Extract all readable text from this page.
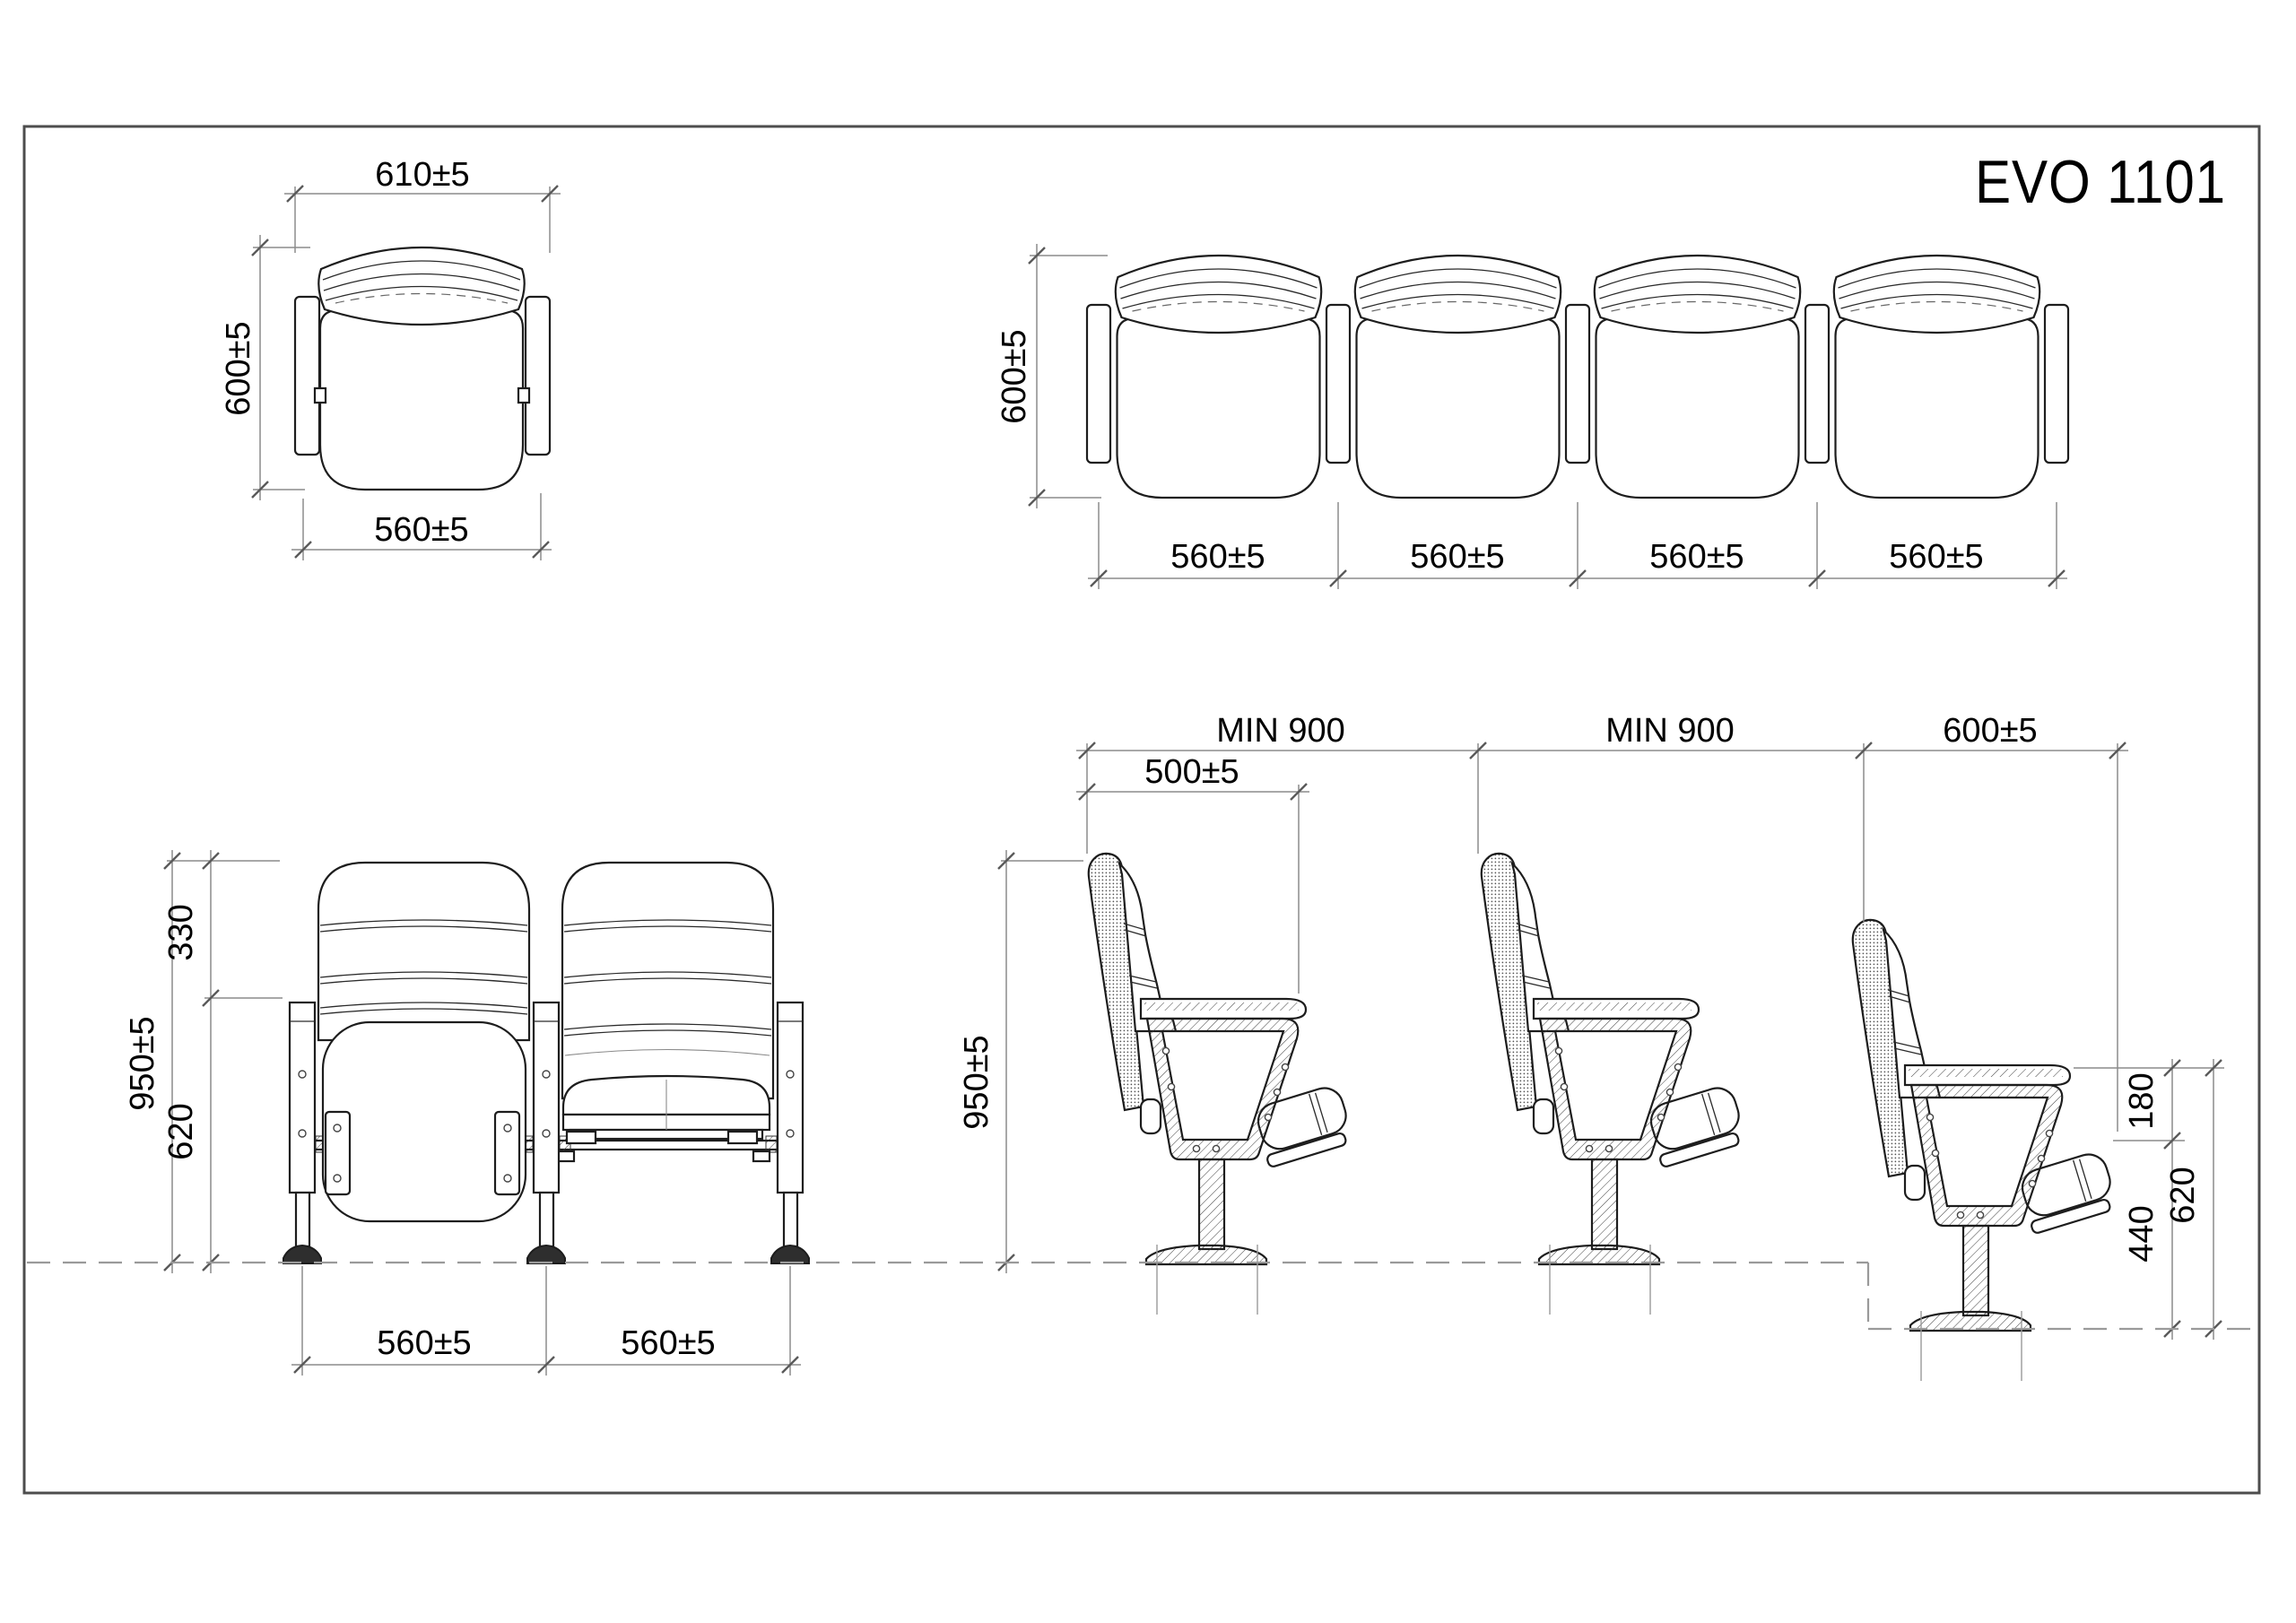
EVO 1101
610±5
600±5
560±5
600±5
560±5	560±5	560±5	560±5
950±5
330
620
560±5	560±5
MIN 900	MIN 900	600±5
500±5
950±5	180
440
620
